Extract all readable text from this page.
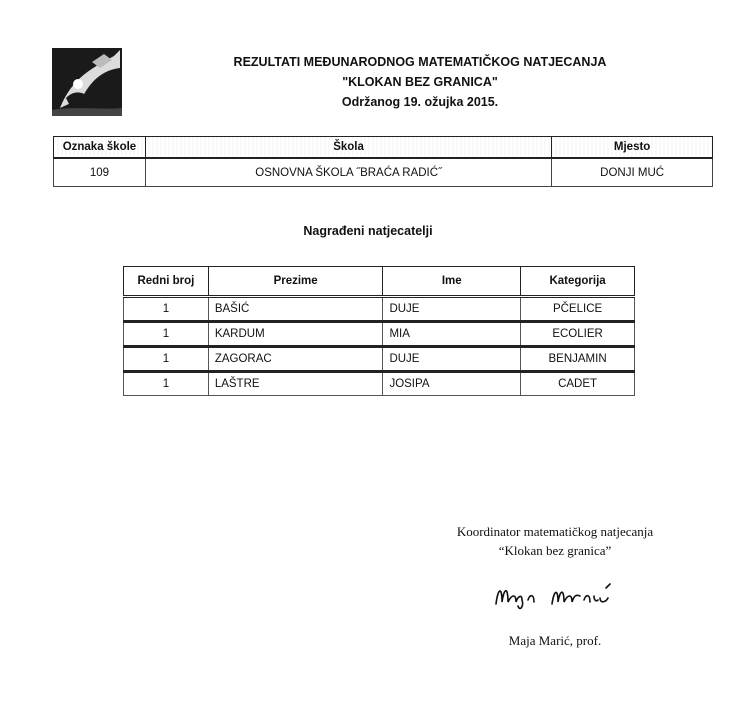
REZULTATI MEĐUNARODNOG MATEMATIČKOG NATJECANJA
"KLOKAN BEZ GRANICA"
Održanog 19. ožujka 2015.
Oznaka škole	Škola	Mjesto
109	OSNOVNA ŠKOLA ˝BRAĆA RADIĆ˝	DONJI MUĆ
Nagrađeni natjecatelji
Redni broj	Prezime	Ime	Kategorija
1	BAŠIĆ	DUJE	PČELICE
1	KARDUM	MIA	ECOLIER
1	ZAGORAC	DUJE	BENJAMIN
1	LAŠTRE	JOSIPA	CADET
Koordinator matematičkog natjecanja
“Klokan bez granica”
Maja Marić, prof.
